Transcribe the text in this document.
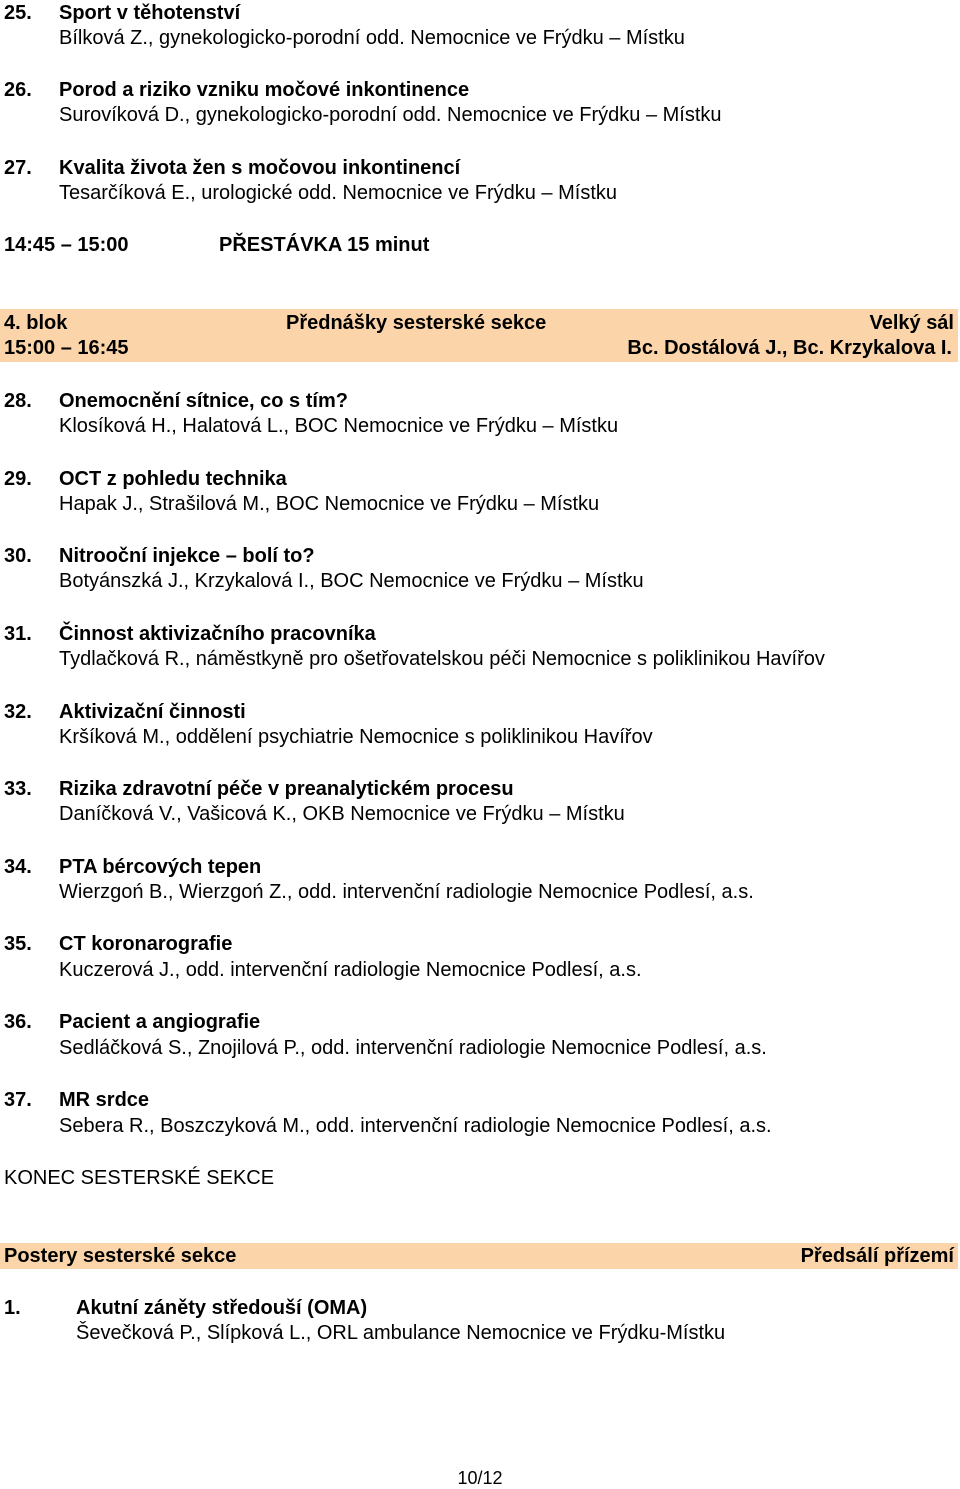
25.	Sport v těhotenství
Bílková Z., gynekologicko-porodní odd. Nemocnice ve Frýdku – Místku
26.	Porod a riziko vzniku močové inkontinence
Surovíková D., gynekologicko-porodní odd. Nemocnice ve Frýdku – Místku
27.	Kvalita života žen s močovou inkontinencí
Tesarčíková E., urologické odd. Nemocnice ve Frýdku – Místku
14:45 – 15:00	PŘESTÁVKA 15 minut
4. blok	Přednášky sesterské sekce	Velký sál
15:00 – 16:45	Bc. Dostálová J., Bc. Krzykalova I.
28.	Onemocnění sítnice, co s tím?
Klosíková H., Halatová L., BOC Nemocnice ve Frýdku – Místku
29.	OCT z pohledu technika
Hapak J., Strašilová M., BOC Nemocnice ve Frýdku – Místku
30.	Nitrooční injekce – bolí to?
Botyánszká J., Krzykalová I., BOC Nemocnice ve Frýdku – Místku
31.	Činnost aktivizačního pracovníka
Tydlačková R., náměstkyně pro ošetřovatelskou péči Nemocnice s poliklinikou Havířov
32.	Aktivizační činnosti
Kršíková M., oddělení psychiatrie Nemocnice s poliklinikou Havířov
33.	Rizika zdravotní péče v preanalytickém procesu
Daníčková V., Vašicová K., OKB Nemocnice ve Frýdku – Místku
34.	PTA bércových tepen
Wierzgoń B., Wierzgoń Z., odd. intervenční radiologie Nemocnice Podlesí, a.s.
35.	CT koronarografie
Kuczerová J., odd. intervenční radiologie Nemocnice Podlesí, a.s.
36.	Pacient a angiografie
Sedláčková S., Znojilová P., odd. intervenční radiologie Nemocnice Podlesí, a.s.
37.	MR srdce
Sebera R., Boszczyková M., odd. intervenční radiologie Nemocnice Podlesí, a.s.
KONEC SESTERSKÉ SEKCE
Postery sesterské sekce	Předsálí přízemí
1.	Akutní záněty středouší (OMA)
Ševečková P., Slípková L., ORL ambulance Nemocnice ve Frýdku-Místku
10/12
